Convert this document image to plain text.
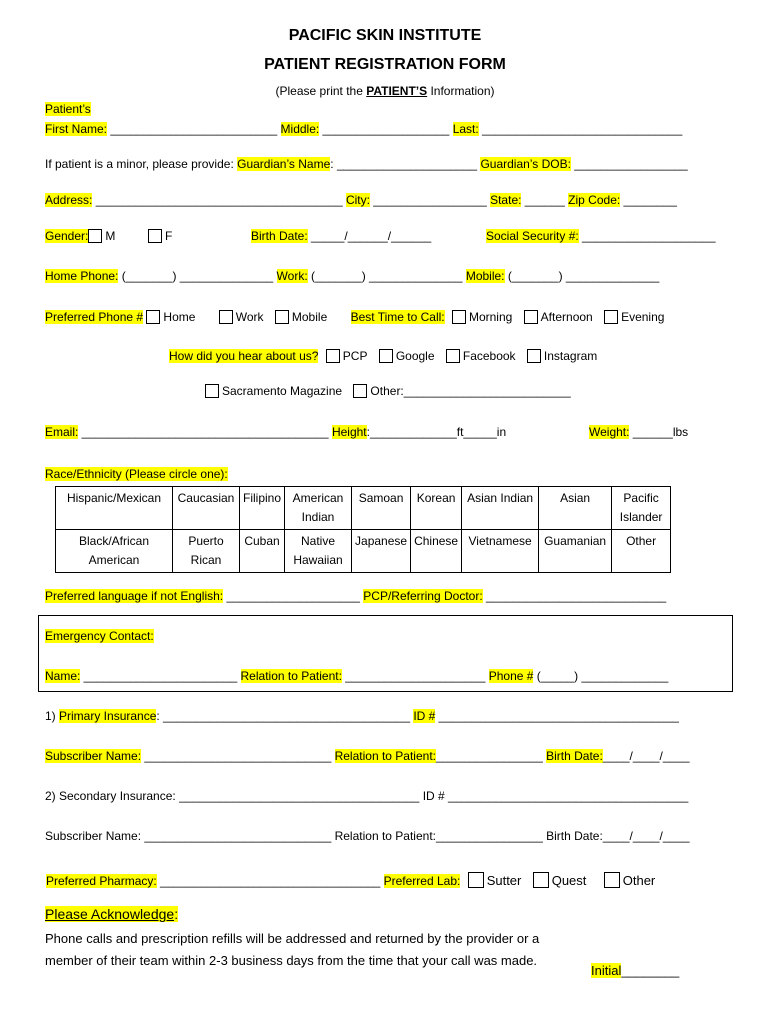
PACIFIC SKIN INSTITUTE
PATIENT REGISTRATION FORM
(Please print the PATIENT’S Information)
Patient’s
First Name: _________________________ Middle: ___________________ Last: ______________________________
If patient is a minor, please provide: Guardian’s Name: _____________________ Guardian’s DOB: _________________
Address: _____________________________________ City: _________________ State: ______ Zip Code: ________
Gender: M	F	Birth Date: _____/______/______	Social Security #: ____________________
Home Phone: (_______) ______________ Work: (_______) ______________ Mobile: (_______) ______________
Preferred Phone # Home	Work Mobile Best Time to Call: Morning Afternoon Evening
How did you hear about us? PCP Google Facebook Instagram
Sacramento Magazine Other:_________________________
Email: _____________________________________ Height:_____________ft_____in	Weight: ______lbs
Race/Ethnicity (Please circle one):
Hispanic/Mexican	Caucasian	Filipino	American Indian	Samoan	Korean	Asian Indian	Asian	Pacific Islander
Black/African American	Puerto Rican	Cuban	Native Hawaiian	Japanese	Chinese	Vietnamese	Guamanian	Other
Preferred language if not English: ____________________ PCP/Referring Doctor: ___________________________
Emergency Contact:
Name: _______________________ Relation to Patient: _____________________ Phone # (_____) _____________
1) Primary Insurance: _____________________________________ ID # ____________________________________
Subscriber Name: ____________________________ Relation to Patient:________________ Birth Date:____/____/____
2) Secondary Insurance: ____________________________________ ID # ____________________________________
Subscriber Name: ____________________________ Relation to Patient:________________ Birth Date:____/____/____
Preferred Pharmacy: _________________________________ Preferred Lab: Sutter Quest	Other
Please Acknowledge:
Phone calls and prescription refills will be addressed and returned by the provider or a member of their team within 2-3 business days from the time that your call was made.
Initial________
